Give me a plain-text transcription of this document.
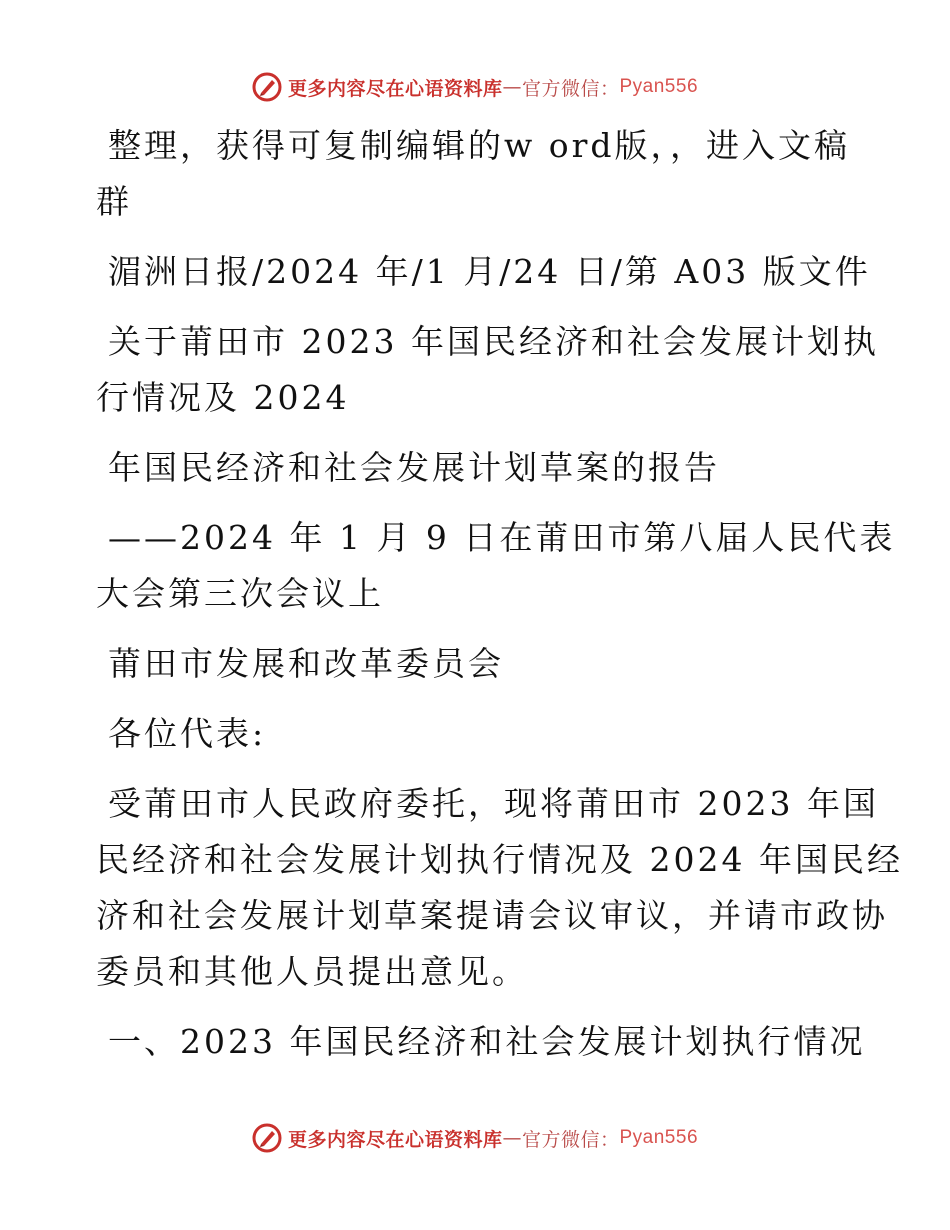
更多内容尽在心语资料库 — 官方微信： Pyan556

整理，获得可复制编辑的w ord版，，进入文稿

群

湄洲日报/2024 年/1 月/24 日/第 A03 版文件

关于莆田市 2023 年国民经济和社会发展计划执

行情况及 2024

年国民经济和社会发展计划草案的报告

——2024 年 1 月 9 日在莆田市第八届人民代表

大会第三次会议上

莆田市发展和改革委员会

各位代表:

受莆田市人民政府委托，现将莆田市 2023 年国

民经济和社会发展计划执行情况及 2024 年国民经

济和社会发展计划草案提请会议审议，并请市政协

委员和其他人员提出意见。

一、2023 年国民经济和社会发展计划执行情况

更多内容尽在心语资料库 — 官方微信： Pyan556
